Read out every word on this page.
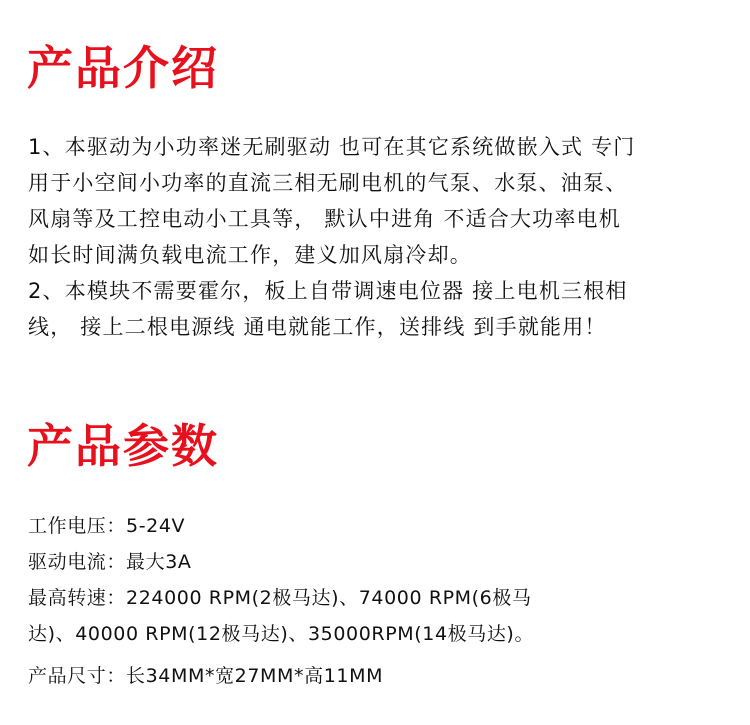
产品介绍
1、本驱动为小功率迷无刷驱动 也可在其它系统做嵌入式 专门
用于小空间小功率的直流三相无刷电机的气泵、水泵、油泵、
风扇等及工控电动小工具等， 默认中进角 不适合大功率电机
如长时间满负载电流工作，建义加风扇冷却。
2、本模块不需要霍尔，板上自带调速电位器 接上电机三根相
线， 接上二根电源线 通电就能工作，送排线 到手就能用！
产品参数
工作电压：5-24V
驱动电流：最大3A
最高转速：224000 RPM(2极马达)、74000 RPM(6极马
达)、40000 RPM(12极马达)、35000RPM(14极马达)。
产品尺寸：长34MM*宽27MM*高11MM
